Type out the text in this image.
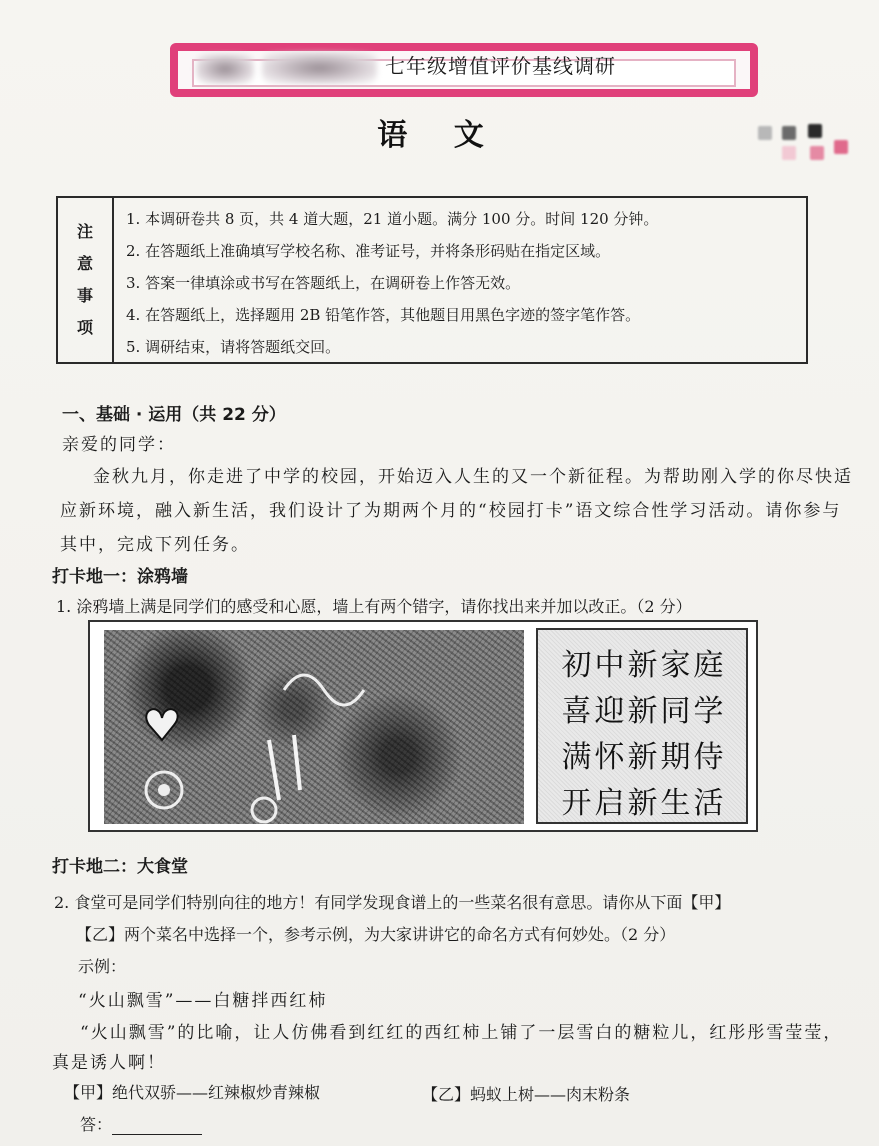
七年级增值评价基线调研
语 文
注
意
事
项
1. 本调研卷共 8 页，共 4 道大题，21 道小题。满分 100 分。时间 120 分钟。
2. 在答题纸上准确填写学校名称、准考证号，并将条形码贴在指定区域。
3. 答案一律填涂或书写在答题纸上，在调研卷上作答无效。
4. 在答题纸上，选择题用 2B 铅笔作答，其他题目用黑色字迹的签字笔作答。
5. 调研结束，请将答题纸交回。
一、基础 · 运用（共 22 分）
亲爱的同学：
金秋九月，你走进了中学的校园，开始迈入人生的又一个新征程。为帮助刚入学的你尽快适
应新环境，融入新生活，我们设计了为期两个月的“校园打卡”语文综合性学习活动。请你参与
其中，完成下列任务。
打卡地一：涂鸦墙
1. 涂鸦墙上满是同学们的感受和心愿，墙上有两个错字，请你找出来并加以改正。（2 分）
初中新家庭
喜迎新同学
满怀新期侍
开启新生活
打卡地二：大食堂
2. 食堂可是同学们特别向往的地方！有同学发现食谱上的一些菜名很有意思。请你从下面【甲】
【乙】两个菜名中选择一个，参考示例，为大家讲讲它的命名方式有何妙处。（2 分）
示例：
“火山飘雪”——白糖拌西红柿
“火山飘雪”的比喻，让人仿佛看到红红的西红柿上铺了一层雪白的糖粒儿，红彤彤雪莹莹，
真是诱人啊！
【甲】绝代双骄——红辣椒炒青辣椒	【乙】蚂蚁上树——肉末粉条
答：
